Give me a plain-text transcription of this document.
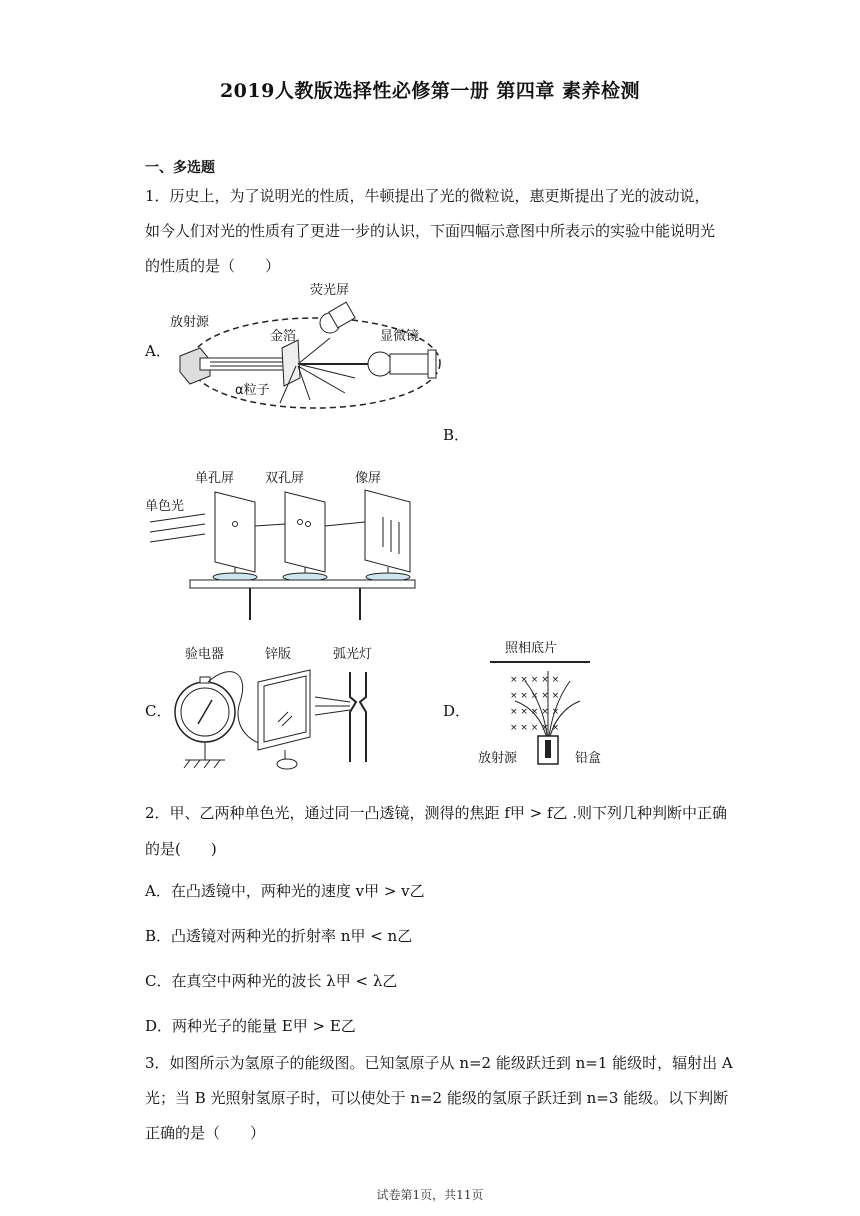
2019人教版选择性必修第一册 第四章 素养检测
一、多选题
1．历史上，为了说明光的性质，牛顿提出了光的微粒说，惠更斯提出了光的波动说，
如今人们对光的性质有了更进一步的认识，下面四幅示意图中所表示的实验中能说明光
的性质的是（　　）
A．
B．
C．	D．
放射源
荧光屏
金箔	显微镜
α粒子
单色光
单孔屏 双孔屏	像屏
验电器	锌版	弧光灯	照相底片
× × × × ×
× × × × ×
× × × × ×
× × × × ×
放射源	铅盒
2．甲、乙两种单色光，通过同一凸透镜，测得的焦距 f甲 > f乙 .则下列几种判断中正确
的是(　　)
A．在凸透镜中，两种光的速度 v甲 > v乙
B．凸透镜对两种光的折射率 n甲 < n乙
C．在真空中两种光的波长 λ甲 < λ乙
D．两种光子的能量 E甲 > E乙
3．如图所示为氢原子的能级图。已知氢原子从 n=2 能级跃迁到 n=1 能级时，辐射出 A
光；当 B 光照射氢原子时，可以使处于 n=2 能级的氢原子跃迁到 n=3 能级。以下判断
正确的是（　　）
试卷第1页，共11页
